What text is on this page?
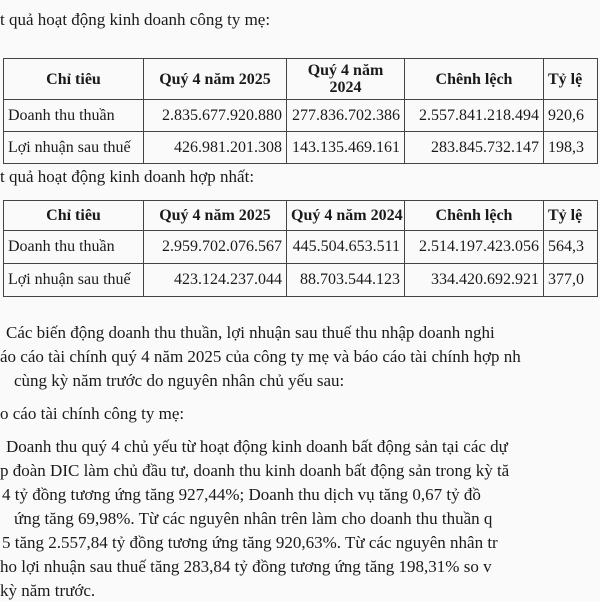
t quả hoạt động kinh doanh công ty mẹ:
Chỉ tiêu	Quý 4 năm 2025	Quý 4 năm 2024	Chênh lệch	Tỷ lệ
Doanh thu thuần	2.835.677.920.880	277.836.702.386	2.557.841.218.494	920,6
Lợi nhuận sau thuế	426.981.201.308	143.135.469.161	283.845.732.147	198,3
t quả hoạt động kinh doanh hợp nhất:
Chỉ tiêu	Quý 4 năm 2025	Quý 4 năm 2024	Chênh lệch	Tỷ lệ
Doanh thu thuần	2.959.702.076.567	445.504.653.511	2.514.197.423.056	564,3
Lợi nhuận sau thuế	423.124.237.044	88.703.544.123	334.420.692.921	377,0
Các biến động doanh thu thuần, lợi nhuận sau thuế thu nhập doanh nghi
áo cáo tài chính quý 4 năm 2025 của công ty mẹ và báo cáo tài chính hợp nh
cùng kỳ năm trước do nguyên nhân chủ yếu sau:
o cáo tài chính công ty mẹ:
Doanh thu quý 4 chủ yếu từ hoạt động kinh doanh bất động sản tại các dự
p đoàn DIC làm chủ đầu tư, doanh thu kinh doanh bất động sản trong kỳ tă
4 tỷ đồng tương ứng tăng 927,44%; Doanh thu dịch vụ tăng 0,67 tỷ đồ
ứng tăng 69,98%. Từ các nguyên nhân trên làm cho doanh thu thuần q
5 tăng 2.557,84 tỷ đồng tương ứng tăng 920,63%. Từ các nguyên nhân tr
ho lợi nhuận sau thuế tăng 283,84 tỷ đồng tương ứng tăng 198,31% so v
kỳ năm trước.
